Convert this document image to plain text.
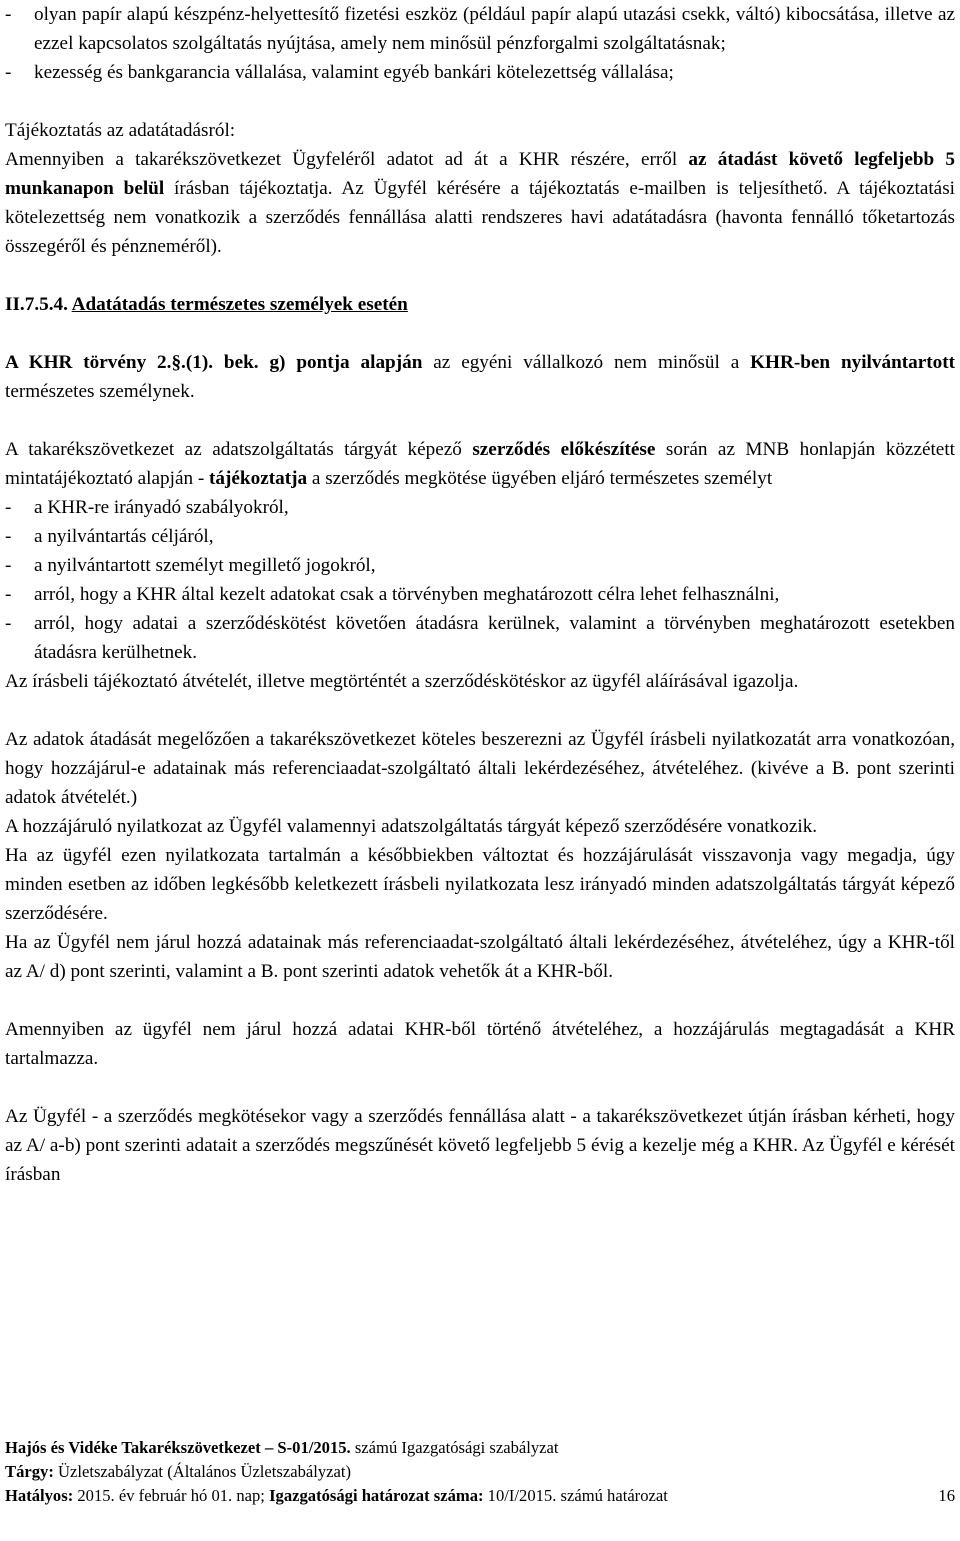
-	olyan papír alapú készpénz-helyettesítő fizetési eszköz (például papír alapú utazási csekk, váltó) kibocsátása, illetve az ezzel kapcsolatos szolgáltatás nyújtása, amely nem minősül pénzforgalmi szolgáltatásnak;
-	kezesség és bankgarancia vállalása, valamint egyéb bankári kötelezettség vállalása;

Tájékoztatás az adatátadásról:

Amennyiben a takarékszövetkezet Ügyfeléről adatot ad át a KHR részére, erről az átadást követő legfeljebb 5 munkanapon belül írásban tájékoztatja. Az Ügyfél kérésére a tájékoztatás e-mailben is teljesíthető. A tájékoztatási kötelezettség nem vonatkozik a szerződés fennállása alatti rendszeres havi adatátadásra (havonta fennálló tőketartozás összegéről és pénzneméről).

II.7.5.4. Adatátadás természetes személyek esetén

A KHR törvény 2.§.(1). bek. g) pontja alapján az egyéni vállalkozó nem minősül a KHR-ben nyilvántartott természetes személynek.

A takarékszövetkezet az adatszolgáltatás tárgyát képező szerződés előkészítése során az MNB honlapján közzétett mintatájékoztató alapján - tájékoztatja a szerződés megkötése ügyében eljáró természetes személyt

-	a KHR-re irányadó szabályokról,
-	a nyilvántartás céljáról,
-	a nyilvántartott személyt megillető jogokról,
-	arról, hogy a KHR által kezelt adatokat csak a törvényben meghatározott célra lehet felhasználni,
-	arról, hogy adatai a szerződéskötést követően átadásra kerülnek, valamint a törvényben meghatározott esetekben átadásra kerülhetnek.

Az írásbeli tájékoztató átvételét, illetve megtörténtét a szerződéskötéskor az ügyfél aláírásával igazolja.

Az adatok átadását megelőzően a takarékszövetkezet köteles beszerezni az Ügyfél írásbeli nyilatkozatát arra vonatkozóan, hogy hozzájárul-e adatainak más referenciaadat-szolgáltató általi lekérdezéséhez, átvételéhez. (kivéve a B. pont szerinti adatok átvételét.)

A hozzájáruló nyilatkozat az Ügyfél valamennyi adatszolgáltatás tárgyát képező szerződésére vonatkozik.

Ha az ügyfél ezen nyilatkozata tartalmán a későbbiekben változtat és hozzájárulását visszavonja vagy megadja, úgy minden esetben az időben legkésőbb keletkezett írásbeli nyilatkozata lesz irányadó minden adatszolgáltatás tárgyát képező szerződésére.

Ha az Ügyfél nem járul hozzá adatainak más referenciaadat-szolgáltató általi lekérdezéséhez, átvételéhez, úgy a KHR-től az A/ d) pont szerinti, valamint a B. pont szerinti adatok vehetők át a KHR-ből.

Amennyiben az ügyfél nem járul hozzá adatai KHR-ből történő átvételéhez, a hozzájárulás megtagadását a KHR tartalmazza.

Az Ügyfél - a szerződés megkötésekor vagy a szerződés fennállása alatt - a takarékszövetkezet útján írásban kérheti, hogy az A/ a-b) pont szerinti adatait a szerződés megszűnését követő legfeljebb 5 évig a kezelje még a KHR. Az Ügyfél e kérését írásban

Hajós és Vidéke Takarékszövetkezet – S-01/2015. számú Igazgatósági szabályzat
Tárgy: Üzletszabályzat (Általános Üzletszabályzat)
Hatályos: 2015. év február hó 01. nap; Igazgatósági határozat száma: 10/I/2015. számú határozat	16
